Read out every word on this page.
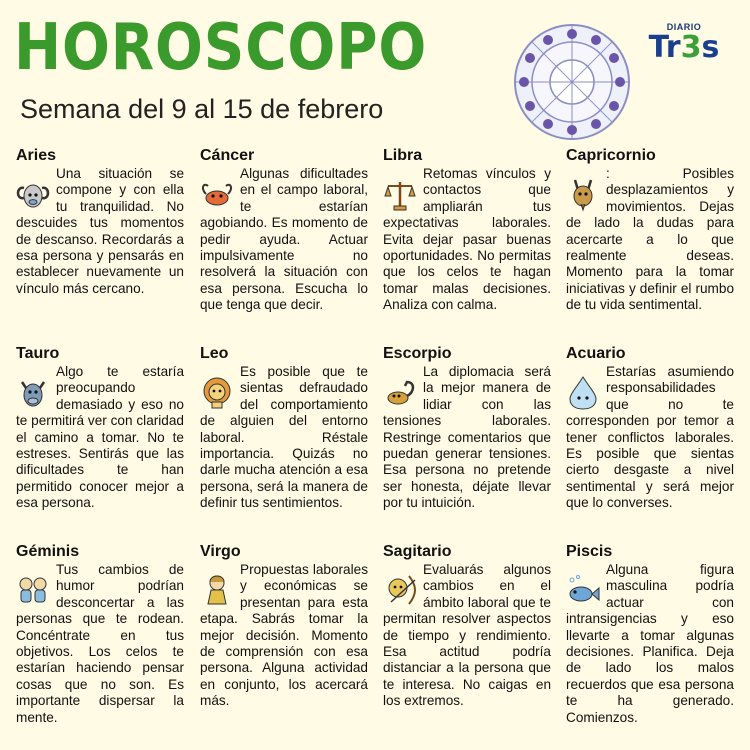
HOROSCOPO
Semana del 9 al 15 de febrero
DIARIO
Tr3s
Aries

Una situación se compone y con ella tu tranquilidad. No descuides tus momentos de descanso. Recordarás a esa persona y pensarás en establecer nuevamente un vínculo más cercano.

Tauro

Algo te estaría preocupando demasiado y eso no te permitirá ver con claridad el camino a tomar. No te estreses. Sentirás que las dificultades te han permitido conocer mejor a esa persona.

Géminis

Tus cambios de humor podrían desconcertar a las personas que te rodean. Concéntrate en tus objetivos. Los celos te estarían haciendo pensar cosas que no son. Es importante dispersar la mente.

Cáncer

Algunas dificultades en el campo laboral, te estarían agobiando. Es momento de pedir ayuda. Actuar impulsivamente no resolverá la situación con esa persona. Escucha lo que tenga que decir.

Leo

Es posible que te sientas defraudado del comportamiento de alguien del entorno laboral. Réstale importancia. Quizás no darle mucha atención a esa persona, será la manera de definir tus sentimientos.

Virgo

Propuestas laborales y económicas se presentan para esta etapa. Sabrás tomar la mejor decisión. Momento de comprensión con esa persona. Alguna actividad en conjunto, los acercará más.

Libra

Retomas vínculos y contactos que ampliarán tus expectativas laborales. Evita dejar pasar buenas oportunidades. No permitas que los celos te hagan tomar malas decisiones. Analiza con calma.

Escorpio

La diplomacia será la mejor manera de lidiar con las tensiones laborales. Restringe comentarios que puedan generar tensiones. Esa persona no pretende ser honesta, déjate llevar por tu intuición.

Sagitario

Evaluarás algunos cambios en el ámbito laboral que te permitan resolver aspectos de tiempo y rendimiento. Esa actitud podría distanciar a la persona que te interesa. No caigas en los extremos.

Capricornio

: Posibles desplazamientos y movimientos. Dejas de lado la dudas para acercarte a lo que realmente deseas. Momento para la tomar iniciativas y definir el rumbo de tu vida sentimental.

Acuario

Estarías asumiendo responsabilidades que no te corresponden por temor a tener conflictos laborales. Es posible que sientas cierto desgaste a nivel sentimental y será mejor que lo converses.

Piscis

Alguna figura masculina podría actuar con intransigencias y eso llevarte a tomar algunas decisiones. Planifica. Deja de lado los malos recuerdos que esa persona te ha generado. Comienzos.
